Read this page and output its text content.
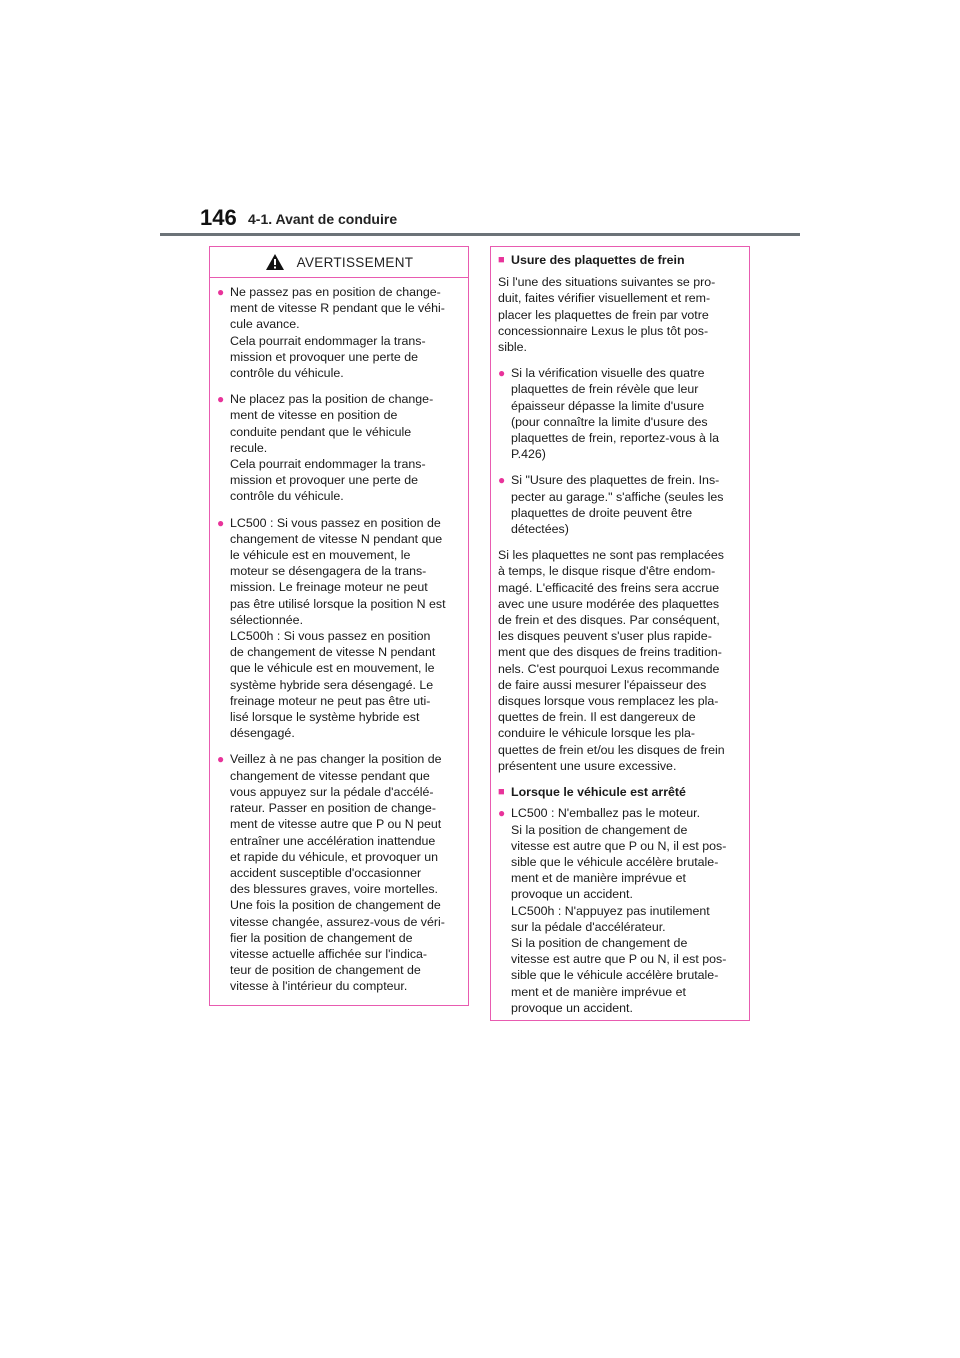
146 4-1. Avant de conduire
AVERTISSEMENT
● Ne passez pas en position de change-
ment de vitesse R pendant que le véhi-
cule avance.
Cela pourrait endommager la trans-
mission et provoquer une perte de
contrôle du véhicule.
● Ne placez pas la position de change-
ment de vitesse en position de
conduite pendant que le véhicule
recule.
Cela pourrait endommager la trans-
mission et provoquer une perte de
contrôle du véhicule.
● LC500 : Si vous passez en position de
changement de vitesse N pendant que
le véhicule est en mouvement, le
moteur se désengagera de la trans-
mission. Le freinage moteur ne peut
pas être utilisé lorsque la position N est
sélectionnée.
LC500h : Si vous passez en position
de changement de vitesse N pendant
que le véhicule est en mouvement, le
système hybride sera désengagé. Le
freinage moteur ne peut pas être uti-
lisé lorsque le système hybride est
désengagé.
● Veillez à ne pas changer la position de
changement de vitesse pendant que
vous appuyez sur la pédale d'accélé-
rateur. Passer en position de change-
ment de vitesse autre que P ou N peut
entraîner une accélération inattendue
et rapide du véhicule, et provoquer un
accident susceptible d'occasionner
des blessures graves, voire mortelles.
Une fois la position de changement de
vitesse changée, assurez-vous de véri-
fier la position de changement de
vitesse actuelle affichée sur l'indica-
teur de position de changement de
vitesse à l'intérieur du compteur.
■ Usure des plaquettes de frein
Si l'une des situations suivantes se pro-
duit, faites vérifier visuellement et rem-
placer les plaquettes de frein par votre
concessionnaire Lexus le plus tôt pos-
sible.
● Si la vérification visuelle des quatre
plaquettes de frein révèle que leur
épaisseur dépasse la limite d'usure
(pour connaître la limite d'usure des
plaquettes de frein, reportez-vous à la
P.426)
● Si "Usure des plaquettes de frein. Ins-
pecter au garage." s'affiche (seules les
plaquettes de droite peuvent être
détectées)
Si les plaquettes ne sont pas remplacées
à temps, le disque risque d'être endom-
magé. L'efficacité des freins sera accrue
avec une usure modérée des plaquettes
de frein et des disques. Par conséquent,
les disques peuvent s'user plus rapide-
ment que des disques de freins tradition-
nels. C'est pourquoi Lexus recommande
de faire aussi mesurer l'épaisseur des
disques lorsque vous remplacez les pla-
quettes de frein. Il est dangereux de
conduire le véhicule lorsque les pla-
quettes de frein et/ou les disques de frein
présentent une usure excessive.
■ Lorsque le véhicule est arrêté
● LC500 : N'emballez pas le moteur.
Si la position de changement de
vitesse est autre que P ou N, il est pos-
sible que le véhicule accélère brutale-
ment et de manière imprévue et
provoque un accident.
LC500h : N'appuyez pas inutilement
sur la pédale d'accélérateur.
Si la position de changement de
vitesse est autre que P ou N, il est pos-
sible que le véhicule accélère brutale-
ment et de manière imprévue et
provoque un accident.
